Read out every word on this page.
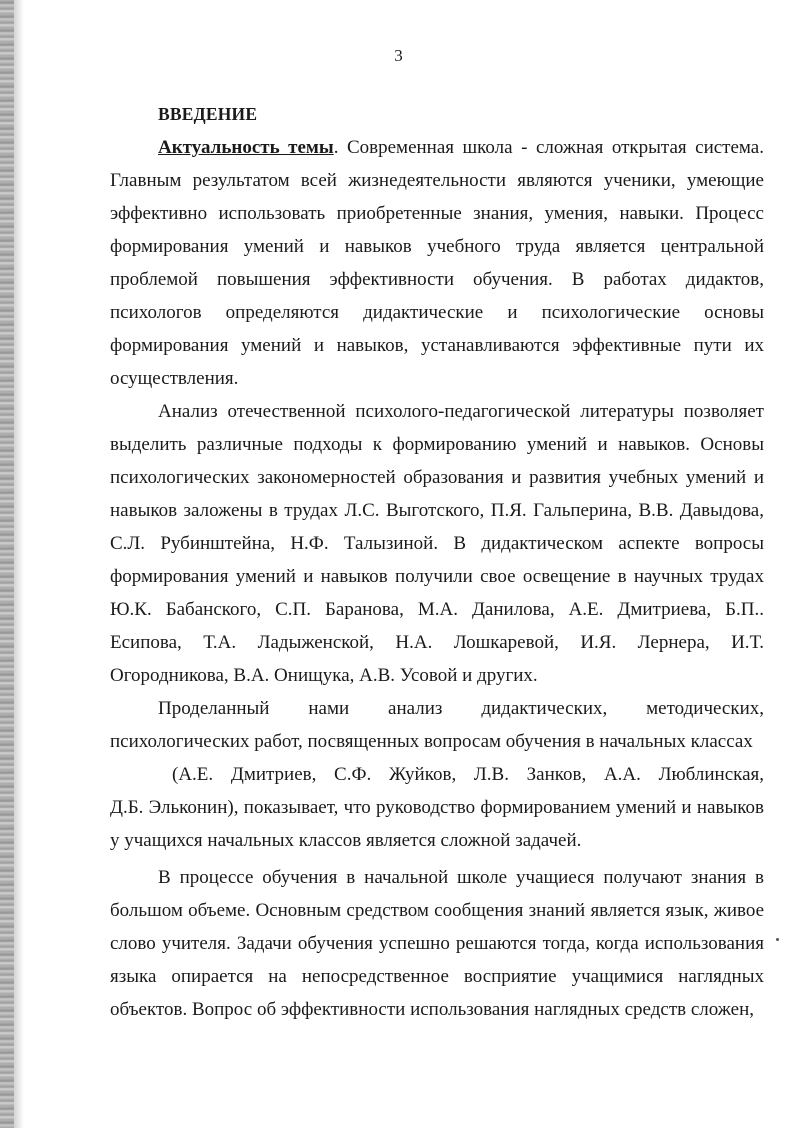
3
ВВЕДЕНИЕ

Актуальность темы. Современная школа - сложная открытая система. Главным результатом всей жизнедеятельности являются ученики, умеющие эффективно использовать приобретенные знания, умения, навыки. Процесс формирования умений и навыков учебного труда является центральной проблемой повышения эффективности обучения. В работах дидактов, психологов определяются дидактические и психологические основы формирования умений и навыков, устанавливаются эффективные пути их осуществления.

Анализ отечественной психолого-педагогической литературы позволяет выделить различные подходы к формированию умений и навыков. Основы психологических закономерностей образования и развития учебных умений и навыков заложены в трудах Л.С. Выготского, П.Я. Гальперина, В.В. Давыдова, С.Л. Рубинштейна, Н.Ф. Талызиной. В дидактическом аспекте вопросы формирования умений и навыков получили свое освещение в научных трудах Ю.К. Бабанского, С.П. Баранова, М.А. Данилова, А.Е. Дмитриева, Б.П.. Есипова, Т.А. Ладыженской, Н.А. Лошкаревой, И.Я. Лернера, И.Т. Огородникова, В.А. Онищука, А.В. Усовой и других.

Проделанный нами анализ дидактических, методических,
психологических работ, посвященных вопросам обучения в начальных классах
(А.Е. Дмитриев, С.Ф. Жуйков, Л.В. Занков, А.А. Люблинская,
Д.Б. Эльконин), показывает, что руководство формированием умений и навыков у учащихся начальных классов является сложной задачей.

В процессе обучения в начальной школе учащиеся получают знания в большом объеме. Основным средством сообщения знаний является язык, живое слово учителя. Задачи обучения успешно решаются тогда, когда использования языка опирается на непосредственное восприятие учащимися наглядных объектов. Вопрос об эффективности использования наглядных средств сложен,
